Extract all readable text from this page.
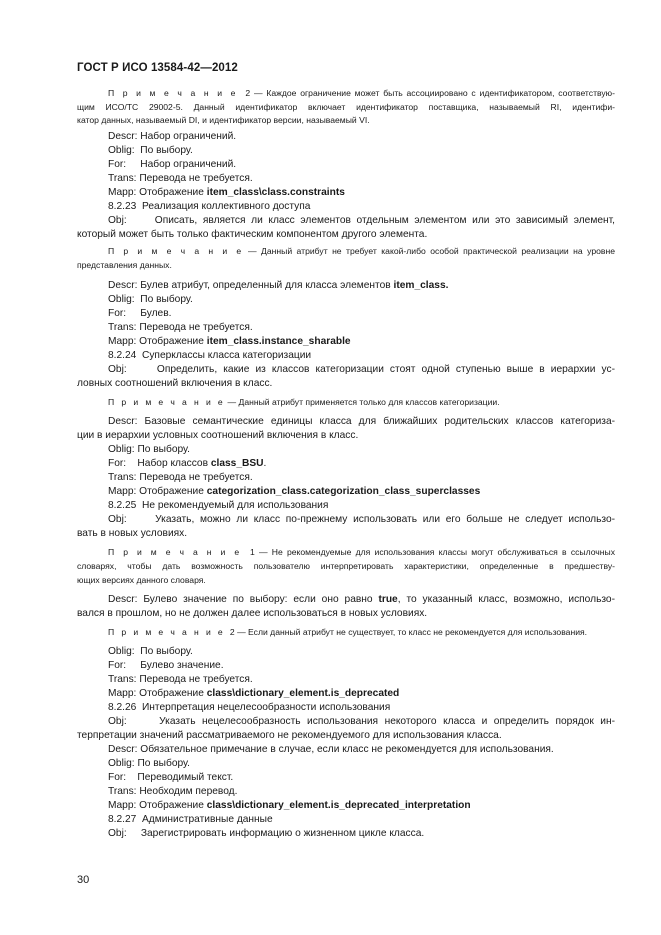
ГОСТ Р ИСО 13584-42—2012
П р и м е ч а н и е  2 — Каждое ограничение может быть ассоциировано с идентификатором, соответствую-
щим ИСО/ТС 29002-5. Данный идентификатор включает идентификатор поставщика, называемый RI, идентифи-
катор данных, называемый DI, и идентификатор версии, называемый VI.
Descr: Набор ограничений.
Oblig:  По выбору.
For:     Набор ограничений.
Trans: Перевода не требуется.
Mapp: Отображение item_class\class.constraints
8.2.23  Реализация коллективного доступа
Obj:     Описать, является ли класс элементов отдельным элементом или это зависимый элемент,
который может быть только фактическим компонентом другого элемента.
П р и м е ч а н и е — Данный атрибут не требует какой-либо особой практической реализации на уровне
представления данных.
Descr: Булев атрибут, определенный для класса элементов item_class.
Oblig:  По выбору.
For:     Булев.
Trans: Перевода не требуется.
Mapp: Отображение item_class.instance_sharable
8.2.24  Суперклассы класса категоризации
Obj:     Определить, какие из классов категоризации стоят одной ступенью выше в иерархии ус-
ловных соотношений включения в класс.
П р и м е ч а н и е — Данный атрибут применяется только для классов категоризации.
Descr: Базовые семантические единицы класса для ближайших родительских классов категориза-
ции в иерархии условных соотношений включения в класс.
Oblig: По выбору.
For:    Набор классов class_BSU.
Trans: Перевода не требуется.
Mapp: Отображение categorization_class.categorization_class_superclasses
8.2.25  Не рекомендуемый для использования
Obj:     Указать, можно ли класс по-прежнему использовать или его больше не следует использо-
вать в новых условиях.
П р и м е ч а н и е  1 — Не рекомендуемые для использования классы могут обслуживаться в ссылочных
словарях, чтобы дать возможность пользователю интерпретировать характеристики, определенные в предшеству-
ющих версиях данного словаря.
Descr: Булево значение по выбору: если оно равно true, то указанный класс, возможно, использо-
вался в прошлом, но не должен далее использоваться в новых условиях.
П р и м е ч а н и е  2 — Если данный атрибут не существует, то класс не рекомендуется для использования.
Oblig:  По выбору.
For:     Булево значение.
Trans: Перевода не требуется.
Mapp: Отображение class\dictionary_element.is_deprecated
8.2.26  Интерпретация нецелесообразности использования
Obj:     Указать нецелесообразность использования некоторого класса и определить порядок ин-
терпретации значений рассматриваемого не рекомендуемого для использования класса.
Descr: Обязательное примечание в случае, если класс не рекомендуется для использования.
Oblig: По выбору.
For:    Переводимый текст.
Trans: Необходим перевод.
Mapp: Отображение class\dictionary_element.is_deprecated_interpretation
8.2.27  Административные данные
Obj:     Зарегистрировать информацию о жизненном цикле класса.
30
